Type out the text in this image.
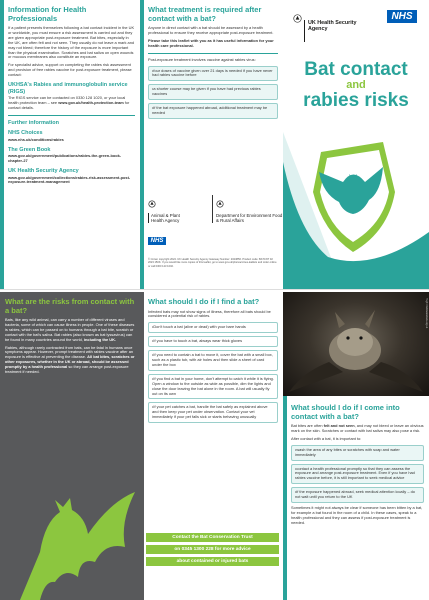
Information for Health Professionals

If a patient presents themselves following a bat contact incident in the UK or worldwide, you must ensure a risk assessment is carried out and they are given appropriate post-exposure treatment. Bat bites, especially in the UK, are often felt and not seen. They usually do not leave a mark and may not bleed; therefore the history of the exposure is more important than the physical examination. Scratches and bat saliva on open wounds or mucous membranes also constitute an exposure.

For specialist advice, support on completing the rabies risk assessment and provision of free rabies vaccine for post-exposure treatment, please contact:

UKHSA's Rabies and immunoglobulin service (RIGS)

The RIGS service can be contacted on 0330 128 1020, or your local health protection team – see www.gov.uk/health-protection-team for contact details.

Further information
NHS Choices

www.nhs.uk/conditions/rabies

The Green Book

www.gov.uk/government/publications/rabies-the-green-book-chapter-27

UK Health Security Agency

www.gov.uk/government/collections/rabies-risk-assessment-post-exposure-treatment-management

What treatment is required after contact with a bat?

Anyone in direct contact with a bat should be assessed by a health professional to ensure they receive appropriate post-exposure treatment.

Please take this leaflet with you as it has useful information for your health care professional.

Post-exposure treatment involves vaccine against rabies virus:

• four doses of vaccine given over 21 days is needed if you have never had rabies vaccine before

• a shorter course may be given if you have had previous rabies vaccines

• if the bat exposure happened abroad, additional treatment may be needed

Animal & Plant Health Agency
Department for Environment Food & Rural Affairs
NHS
© Crown copyright 2024. UK Health Security Agency Gateway Number: 2023856. Product code: BATCNT 02 2023 150K. If you would like more copies of this leaflet, go to www.gov.uk/phe/vaccines-leaflets and order online or call 0300 123 1002.
UK Health Security Agency
NHS
Bat contact
and
rabies risks
What are the risks from contact with a bat?

Bats, like any wild animal, can carry a number of different viruses and bacteria, some of which can cause illness in people. One of these diseases is rabies, which can be passed on to humans through a bat bite, scratch or contact with the bat's saliva. Bat rabies (also known as bat lyssavirus) can be found in many countries around the world, including the UK.

Rabies, although rarely contracted from bats, can be fatal in humans once symptoms appear. However, prompt treatment with rabies vaccine after an exposure is effective at preventing the disease. All bat bites, scratches or other exposures, whether in the UK or abroad, should be assessed promptly by a health professional so they can arrange post-exposure treatment if needed.

What should I do if I find a bat?

Infected bats may not show signs of illness, therefore all bats should be considered a potential risk of rabies.

• Don't touch a bat (alive or dead) with your bare hands

• If you have to touch a bat, always wear thick gloves

• If you need to contain a bat to move it, cover the bat with a small box, such as a plastic tub, with air holes and then slide a sheet of card under the box

• If you find a bat in your home, don't attempt to catch it while it is flying. Open a window to the outside as wide as possible, dim the lights and close the door leaving the bat alone in the room. A bat will usually fly out on its own

• If your pet catches a bat, handle the bat safely as explained above and then keep your pet under observation. Contact your vet immediately if your pet falls sick or starts behaving unusually

Contact the Bat Conservation Trust
on 0345 1300 228 for more advice
about contained or injured bats
Hugh Clark/www.bats.org.uk
What should I do if I come into contact with a bat?

Bat bites are often felt and not seen, and may not bleed or leave an obvious mark on the skin. Scratches or contact with bat saliva may also pose a risk.

After contact with a bat, it is important to:

• wash the area of any bites or scratches with soap and water immediately

• contact a health professional promptly so that they can assess the exposure and arrange post-exposure treatment. Even if you have had rabies vaccine before, it is still important to seek medical advice

• if the exposure happened abroad, seek medical attention locally – do not wait until you return to the UK

Sometimes it might not always be clear if someone has been bitten by a bat, for example a bat found in the room of a child. In these cases, speak to a health professional and they can assess if post-exposure treatment is needed.
